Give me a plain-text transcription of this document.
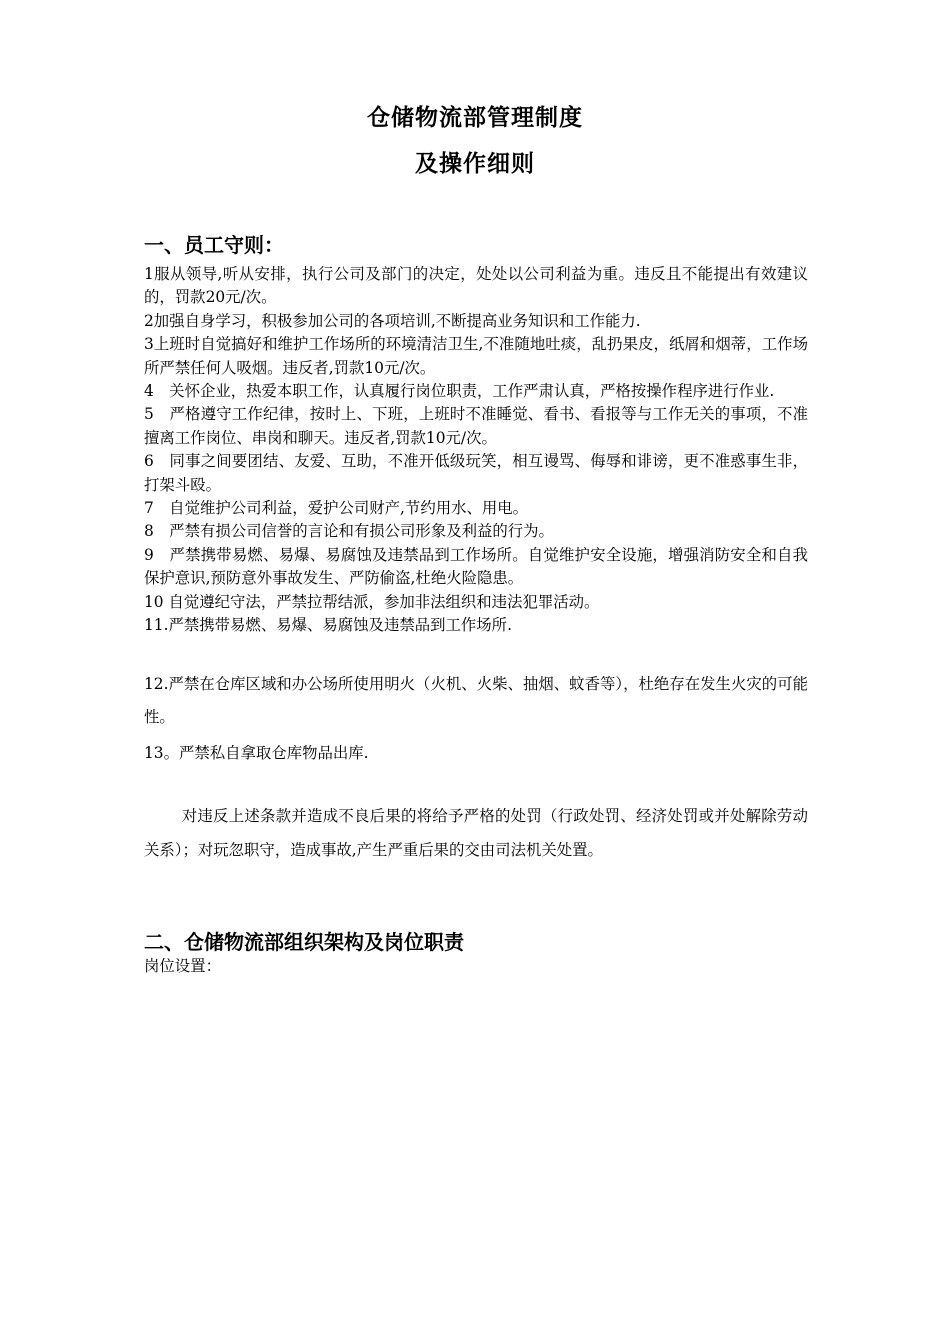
仓储物流部管理制度
及操作细则
一、员工守则：
1服从领导,听从安排，执行公司及部门的决定，处处以公司利益为重。违反且不能提出有效建议的，罚款20元/次。
2加强自身学习，积极参加公司的各项培训,不断提高业务知识和工作能力.
3上班时自觉搞好和维护工作场所的环境清洁卫生,不准随地吐痰，乱扔果皮，纸屑和烟蒂，工作场所严禁任何人吸烟。违反者,罚款10元/次。
4　关怀企业，热爱本职工作，认真履行岗位职责，工作严肃认真，严格按操作程序进行作业.
5　严格遵守工作纪律，按时上、下班，上班时不准睡觉、看书、看报等与工作无关的事项，不准擅离工作岗位、串岗和聊天。违反者,罚款10元/次。
6　同事之间要团结、友爱、互助，不准开低级玩笑，相互谩骂、侮辱和诽谤，更不准惑事生非，打架斗殴。
7　自觉维护公司利益，爱护公司财产,节约用水、用电。
8　严禁有损公司信誉的言论和有损公司形象及利益的行为。
9　严禁携带易燃、易爆、易腐蚀及违禁品到工作场所。自觉维护安全设施，增强消防安全和自我保护意识,预防意外事故发生、严防偷盗,杜绝火险隐患。
10 自觉遵纪守法，严禁拉帮结派，参加非法组织和违法犯罪活动。
11.严禁携带易燃、易爆、易腐蚀及违禁品到工作场所.
12.严禁在仓库区域和办公场所使用明火（火机、火柴、抽烟、蚊香等），杜绝存在发生火灾的可能性。
13。严禁私自拿取仓库物品出库.
对违反上述条款并造成不良后果的将给予严格的处罚（行政处罚、经济处罚或并处解除劳动关系）；对玩忽职守，造成事故,产生严重后果的交由司法机关处置。
二、仓储物流部组织架构及岗位职责
岗位设置：
